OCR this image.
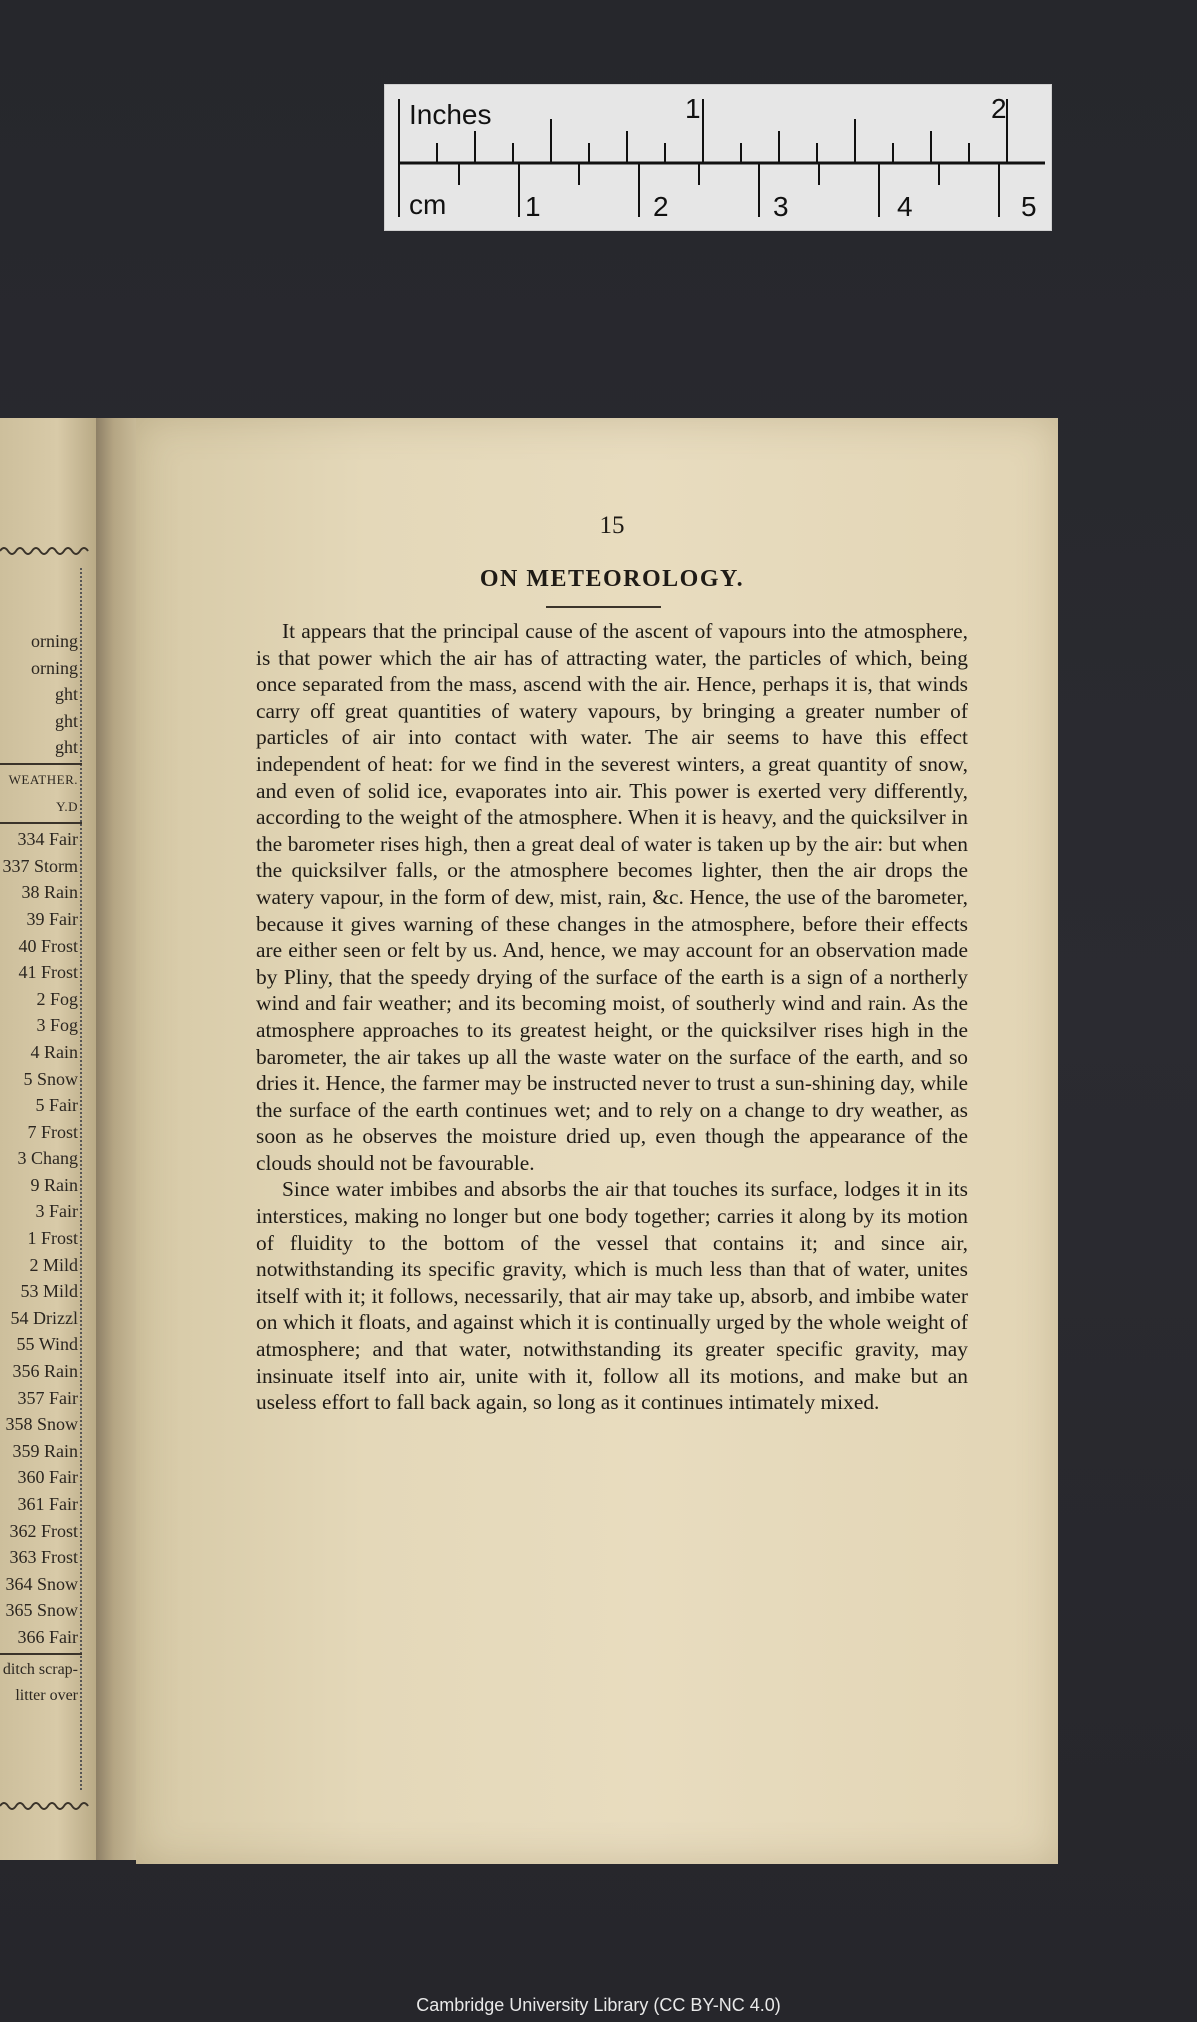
Inches	1	2
cm	1	2	3	4	5
orning
orning
ght
ght
ght
WEATHER.
Y.D
334 Fair
337 Storm
38 Rain
39 Fair
40 Frost
41 Frost
2 Fog
3 Fog
4 Rain
5 Snow
5 Fair
7 Frost
3 Chang
9 Rain
3 Fair
1 Frost
2 Mild
53 Mild
54 Drizzl
55 Wind
356 Rain
357 Fair
358 Snow
359 Rain
360 Fair
361 Fair
362 Frost
363 Frost
364 Snow
365 Snow
366 Fair
ditch scrap-
litter over
15
ON METEOROLOGY.

It appears that the principal cause of the ascent of vapours into the atmosphere, is that power which the air has of attracting water, the particles of which, being once separated from the mass, ascend with the air. Hence, perhaps it is, that winds carry off great quantities of watery vapours, by bringing a greater number of particles of air into contact with water. The air seems to have this effect independent of heat: for we find in the severest winters, a great quantity of snow, and even of solid ice, evaporates into air. This power is exerted very differently, according to the weight of the atmosphere. When it is heavy, and the quicksilver in the barometer rises high, then a great deal of water is taken up by the air: but when the quicksilver falls, or the atmosphere becomes lighter, then the air drops the watery vapour, in the form of dew, mist, rain, &c. Hence, the use of the barometer, because it gives warning of these changes in the atmosphere, before their effects are either seen or felt by us. And, hence, we may account for an observation made by Pliny, that the speedy drying of the surface of the earth is a sign of a northerly wind and fair weather; and its becoming moist, of southerly wind and rain. As the atmosphere approaches to its greatest height, or the quicksilver rises high in the barometer, the air takes up all the waste water on the surface of the earth, and so dries it. Hence, the farmer may be instructed never to trust a sun-shining day, while the surface of the earth continues wet; and to rely on a change to dry weather, as soon as he observes the moisture dried up, even though the appearance of the clouds should not be favourable.

Since water imbibes and absorbs the air that touches its surface, lodges it in its interstices, making no longer but one body together; carries it along by its motion of fluidity to the bottom of the vessel that contains it; and since air, notwithstanding its specific gravity, which is much less than that of water, unites itself with it; it follows, necessarily, that air may take up, absorb, and imbibe water on which it floats, and against which it is continually urged by the whole weight of atmosphere; and that water, notwithstanding its greater specific gravity, may insinuate itself into air, unite with it, follow all its motions, and make but an useless effort to fall back again, so long as it continues intimately mixed.

Cambridge University Library (CC BY-NC 4.0)
